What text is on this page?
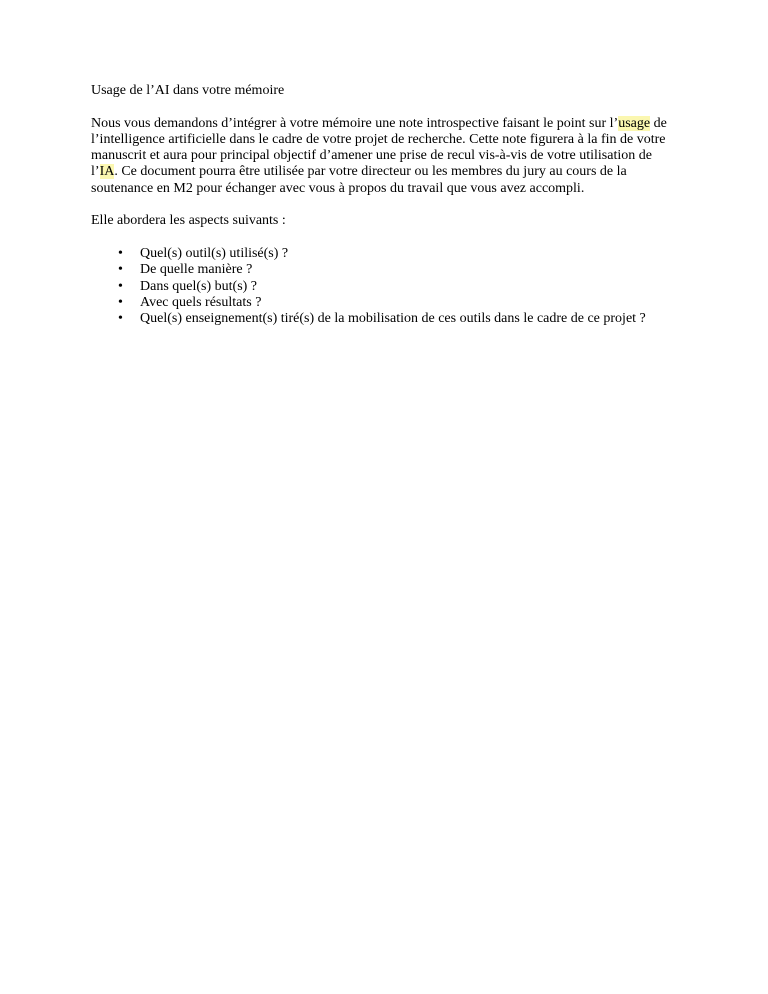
Usage de l’AI dans votre mémoire

Nous vous demandons d’intégrer à votre mémoire une note introspective faisant le point sur l’usage de l’intelligence artificielle dans le cadre de votre projet de recherche. Cette note figurera à la fin de votre manuscrit et aura pour principal objectif d’amener une prise de recul vis-à-vis de votre utilisation de l’IA. Ce document pourra être utilisée par votre directeur ou les membres du jury au cours de la soutenance en M2 pour échanger avec vous à propos du travail que vous avez accompli.

Elle abordera les aspects suivants :

• Quel(s) outil(s) utilisé(s) ?
• De quelle manière ?
• Dans quel(s) but(s) ?
• Avec quels résultats ?
• Quel(s) enseignement(s) tiré(s) de la mobilisation de ces outils dans le cadre de ce projet ?
